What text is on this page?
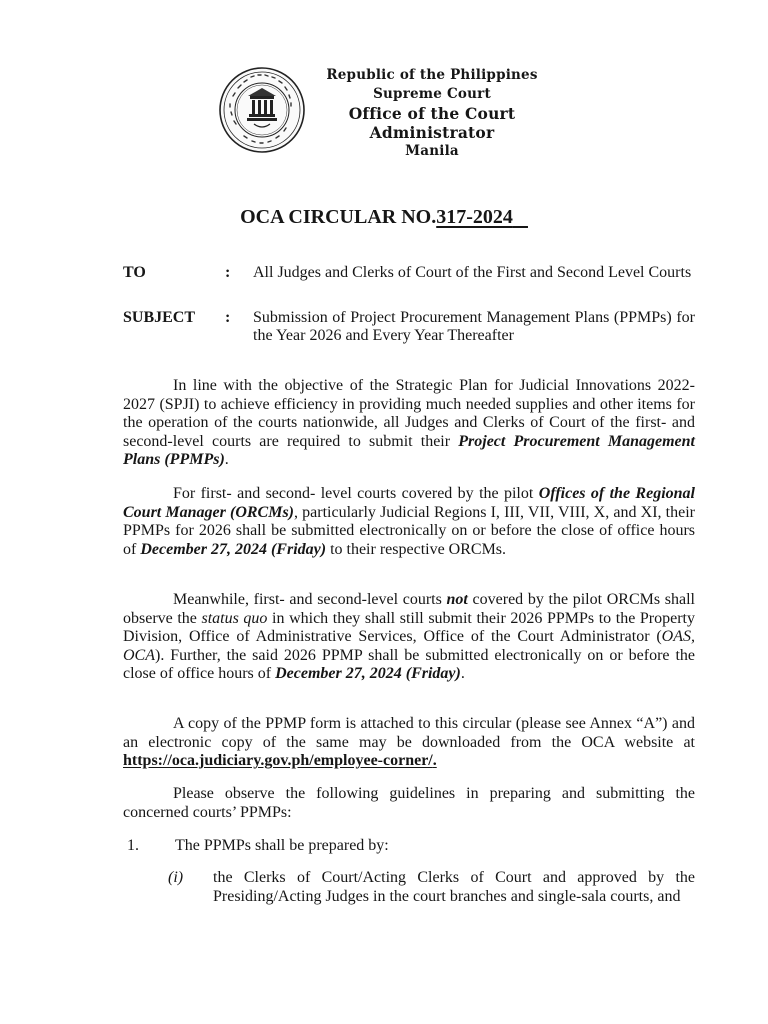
Republic of the Philippines
Supreme Court
Office of the Court Administrator
Manila
OCA CIRCULAR NO.317-2024
TO	: All Judges and Clerks of Court of the First and Second Level Courts
SUBJECT : Submission of Project Procurement Management Plans (PPMPs) for the Year 2026 and Every Year Thereafter
In line with the objective of the Strategic Plan for Judicial Innovations 2022-2027 (SPJI) to achieve efficiency in providing much needed supplies and other items for the operation of the courts nationwide, all Judges and Clerks of Court of the first- and second-level courts are required to submit their Project Procurement Management Plans (PPMPs).
For first- and second- level courts covered by the pilot Offices of the Regional Court Manager (ORCMs), particularly Judicial Regions I, III, VII, VIII, X, and XI, their PPMPs for 2026 shall be submitted electronically on or before the close of office hours of December 27, 2024 (Friday) to their respective ORCMs.
Meanwhile, first- and second-level courts not covered by the pilot ORCMs shall observe the status quo in which they shall still submit their 2026 PPMPs to the Property Division, Office of Administrative Services, Office of the Court Administrator (OAS, OCA). Further, the said 2026 PPMP shall be submitted electronically on or before the close of office hours of December 27, 2024 (Friday).
A copy of the PPMP form is attached to this circular (please see Annex “A”) and an electronic copy of the same may be downloaded from the OCA website at https://oca.judiciary.gov.ph/employee-corner/.
Please observe the following guidelines in preparing and submitting the concerned courts’ PPMPs:
1. The PPMPs shall be prepared by:
(i) the Clerks of Court/Acting Clerks of Court and approved by the Presiding/Acting Judges in the court branches and single-sala courts, and
